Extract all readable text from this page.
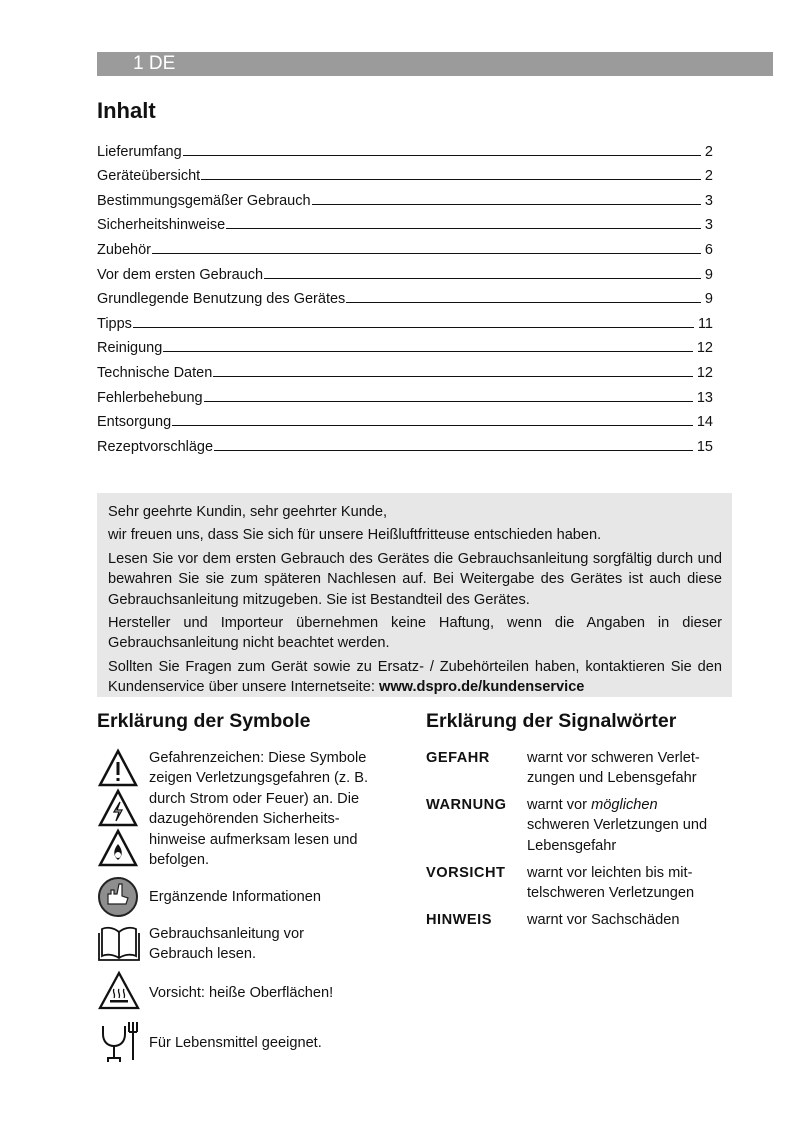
1 DE
Inhalt
Lieferumfang	2
Geräteübersicht	2
Bestimmungsgemäßer Gebrauch	3
Sicherheitshinweise	3
Zubehör	6
Vor dem ersten Gebrauch	9
Grundlegende Benutzung des Gerätes	9
Tipps	11
Reinigung	12
Technische Daten	12
Fehlerbehebung	13
Entsorgung	14
Rezeptvorschläge	15

Sehr geehrte Kundin, sehr geehrter Kunde,

wir freuen uns, dass Sie sich für unsere Heißluftfritteuse entschieden haben.

Lesen Sie vor dem ersten Gebrauch des Gerätes die Gebrauchsanleitung sorgfältig durch und bewahren Sie sie zum späteren Nachlesen auf. Bei Weitergabe des Gerätes ist auch diese Gebrauchsanleitung mitzugeben. Sie ist Bestandteil des Gerätes.

Hersteller und Importeur übernehmen keine Haftung, wenn die Angaben in dieser Gebrauchsanleitung nicht beachtet werden.

Sollten Sie Fragen zum Gerät sowie zu Ersatz- / Zubehörteilen haben, kontaktieren Sie den Kundenservice über unsere Internetseite: www.dspro.de/kundenservice

Erklärung der Symbole	Erklärung der Signalwörter
Gefahrenzeichen: Diese Symbole
zeigen Verletzungsgefahren (z. B.
durch Strom oder Feuer) an. Die
dazugehörenden Sicherheits-
hinweise aufmerksam lesen und
befolgen.
Ergänzende Informationen
Gebrauchsanleitung vor
Gebrauch lesen.
Vorsicht: heiße Oberflächen!
Für Lebensmittel geeignet.
GEFAHR	warnt vor schweren Verlet-
zungen und Lebensgefahr
WARNUNG warnt vor möglichen
schweren Verletzungen und
Lebensgefahr
VORSICHT warnt vor leichten bis mit-
telschweren Verletzungen
HINWEIS warnt vor Sachschäden
